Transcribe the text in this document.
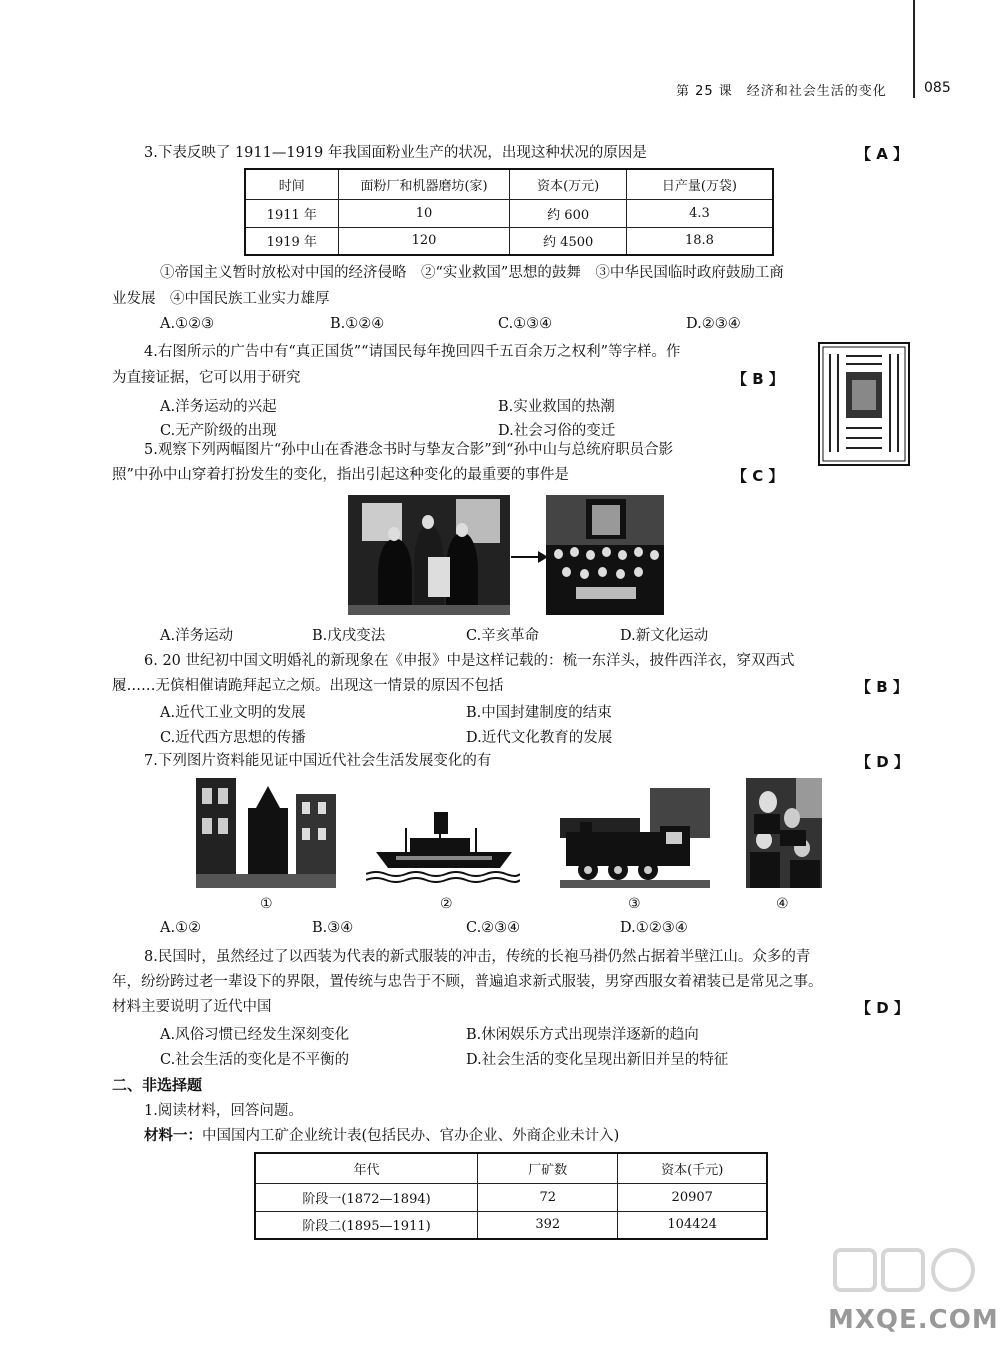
第 25 课　经济和社会生活的变化	085
3.下表反映了 1911—1919 年我国面粉业生产的状况，出现这种状况的原因是	【 A 】
时间	面粉厂和机器磨坊(家)	资本(万元)	日产量(万袋)
1911 年	10	约 600	4.3
1919 年	120	约 4500	18.8
①帝国主义暂时放松对中国的经济侵略　②“实业救国”思想的鼓舞　③中华民国临时政府鼓励工商
业发展　④中国民族工业实力雄厚
A.①②③	B.①②④	C.①③④	D.②③④
4.右图所示的广告中有“真正国货”“请国民每年挽回四千五百余万之权利”等字样。作
为直接证据，它可以用于研究	【 B 】
A.洋务运动的兴起	B.实业救国的热潮
C.无产阶级的出现	D.社会习俗的变迁
5.观察下列两幅图片“孙中山在香港念书时与挚友合影”到“孙中山与总统府职员合影
照”中孙中山穿着打扮发生的变化，指出引起这种变化的最重要的事件是	【 C 】
A.洋务运动	B.戊戌变法	C.辛亥革命	D.新文化运动
6. 20 世纪初中国文明婚礼的新现象在《申报》中是这样记载的：梳一东洋头，披件西洋衣，穿双西式
履……无傧相催请跪拜起立之烦。出现这一情景的原因不包括	【 B 】
A.近代工业文明的发展	B.中国封建制度的结束
C.近代西方思想的传播	D.近代文化教育的发展
7.下列图片资料能见证中国近代社会生活发展变化的有	【 D 】
①	②	③	④
A.①②	B.③④	C.②③④	D.①②③④
8.民国时，虽然经过了以西装为代表的新式服装的冲击，传统的长袍马褂仍然占据着半壁江山。众多的青
年，纷纷跨过老一辈设下的界限，置传统与忠告于不顾，普遍追求新式服装，男穿西服女着裙装已是常见之事。
材料主要说明了近代中国	【 D 】
A.风俗习惯已经发生深刻变化	B.休闲娱乐方式出现崇洋逐新的趋向
C.社会生活的变化是不平衡的	D.社会生活的变化呈现出新旧并呈的特征
二、非选择题
1.阅读材料，回答问题。
材料一：中国国内工矿企业统计表(包括民办、官办企业、外商企业未计入)
年代	厂矿数	资本(千元)
阶段一(1872—1894)	72	20907
阶段二(1895—1911)	392	104424
MXQE.COM
